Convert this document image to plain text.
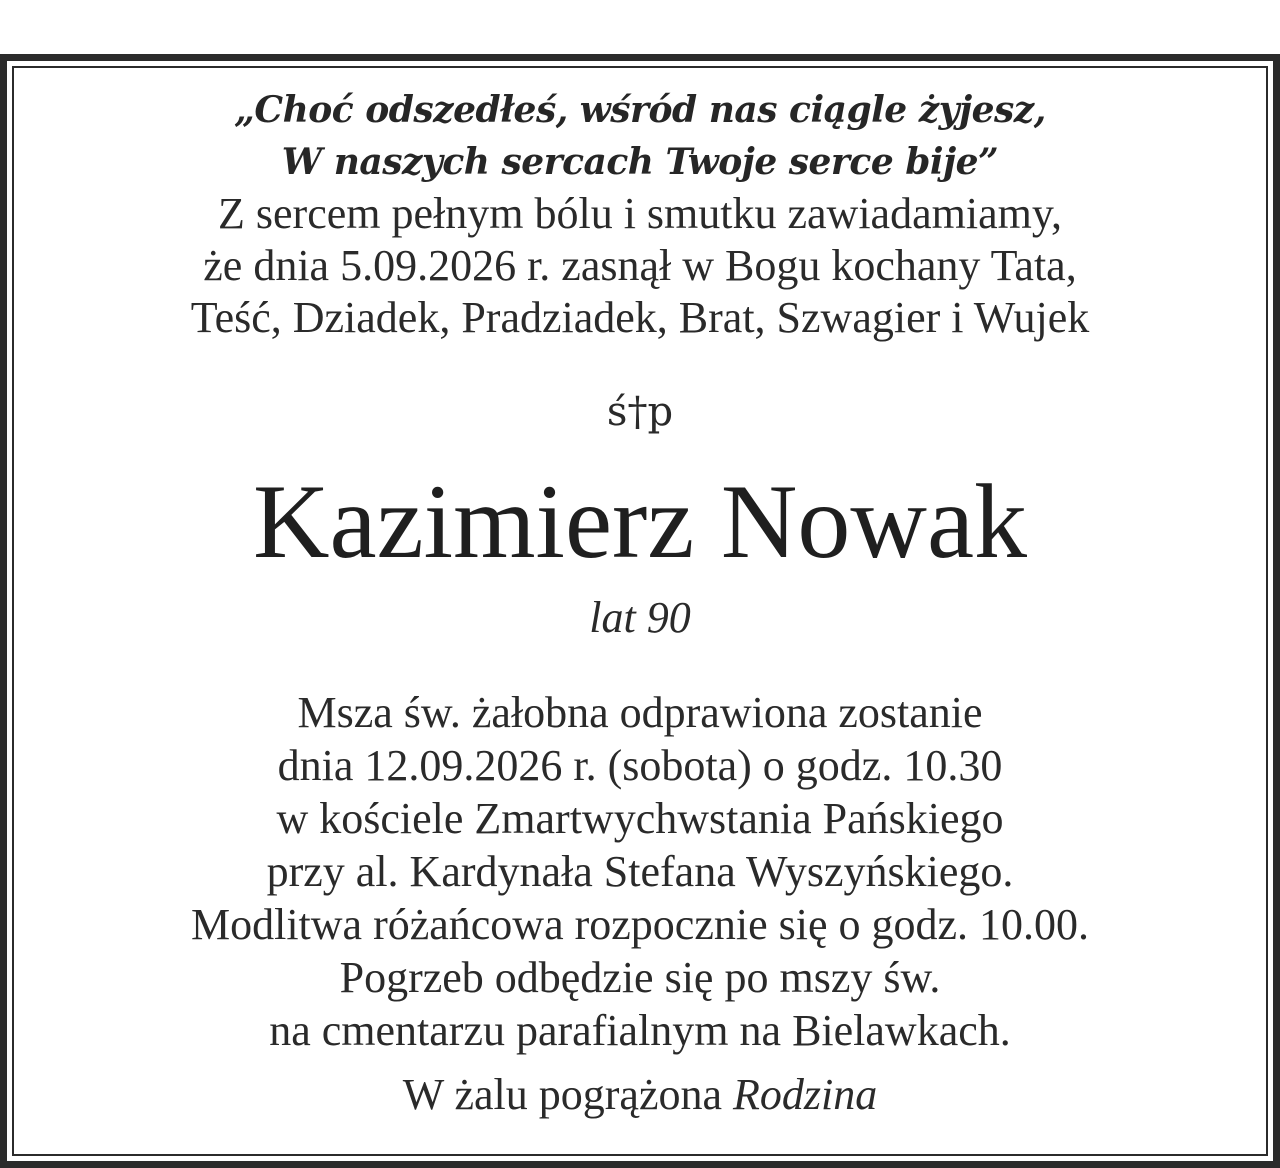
„Choć odszedłeś, wśród nas ciągle żyjesz,
W naszych sercach Twoje serce bije”
Z sercem pełnym bólu i smutku zawiadamiamy,
że dnia 5.09.2026 r. zasnął w Bogu kochany Tata,
Teść, Dziadek, Pradziadek, Brat, Szwagier i Wujek
ś†p
Kazimierz Nowak
lat 90
Msza św. żałobna odprawiona zostanie
dnia 12.09.2026 r. (sobota) o godz. 10.30
w kościele Zmartwychwstania Pańskiego
przy al. Kardynała Stefana Wyszyńskiego.
Modlitwa różańcowa rozpocznie się o godz. 10.00.
Pogrzeb odbędzie się po mszy św.
na cmentarzu parafialnym na Bielawkach.
W żalu pogrążona Rodzina
